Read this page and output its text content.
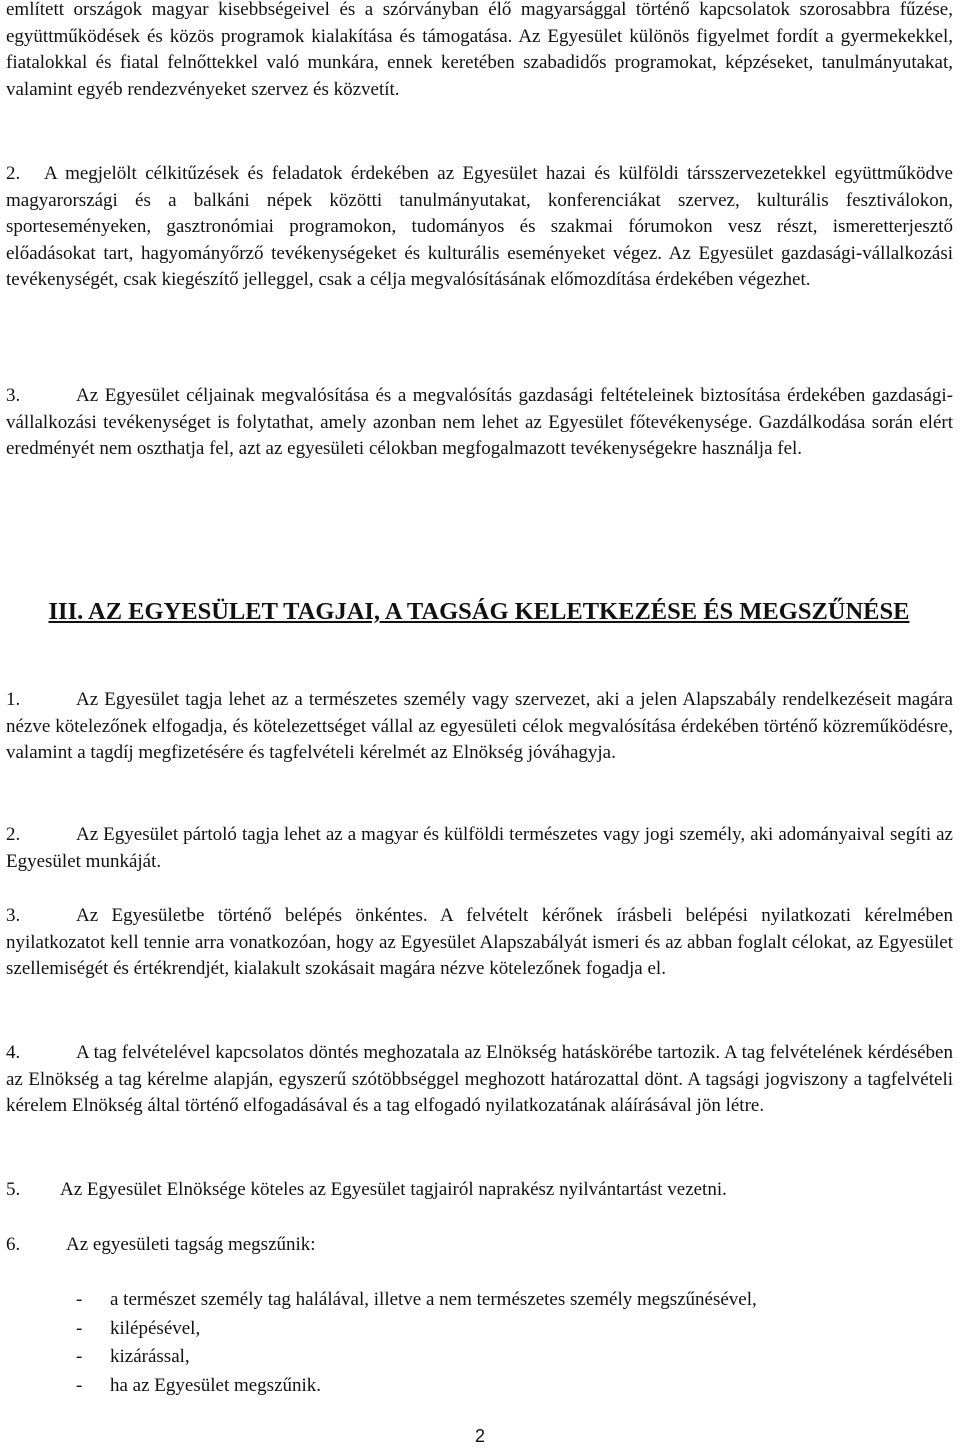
említett országok magyar kisebbségeivel és a szórványban élő magyarsággal történő kapcsolatok szorosabbra fűzése, együttműködések és közös programok kialakítása és támogatása. Az Egyesület különös figyelmet fordít a gyermekekkel, fiatalokkal és fiatal felnőttekkel való munkára, ennek keretében szabadidős programokat, képzéseket, tanulmányutakat, valamint egyéb rendezvényeket szervez és közvetít.

2. A megjelölt célkitűzések és feladatok érdekében az Egyesület hazai és külföldi társszervezetekkel együttműködve magyarországi és a balkáni népek közötti tanulmányutakat, konferenciákat szervez, kulturális fesztiválokon, sporteseményeken, gasztronómiai programokon, tudományos és szakmai fórumokon vesz részt, ismeretterjesztő előadásokat tart, hagyományőrző tevékenységeket és kulturális eseményeket végez. Az Egyesület gazdasági-vállalkozási tevékenységét, csak kiegészítő jelleggel, csak a célja megvalósításának előmozdítása érdekében végezhet.

3.	Az Egyesület céljainak megvalósítása és a megvalósítás gazdasági feltételeinek biztosítása érdekében gazdasági-vállalkozási tevékenységet is folytathat, amely azonban nem lehet az Egyesület főtevékenysége. Gazdálkodása során elért eredményét nem oszthatja fel, azt az egyesületi célokban megfogalmazott tevékenységekre használja fel.

III. AZ EGYESÜLET TAGJAI, A TAGSÁG KELETKEZÉSE ÉS MEGSZŰNÉSE

1.	Az Egyesület tagja lehet az a természetes személy vagy szervezet, aki a jelen Alapszabály rendelkezéseit magára nézve kötelezőnek elfogadja, és kötelezettséget vállal az egyesületi célok megvalósítása érdekében történő közreműködésre, valamint a tagdíj megfizetésére és tagfelvételi kérelmét az Elnökség jóváhagyja.

2.	Az Egyesület pártoló tagja lehet az a magyar és külföldi természetes vagy jogi személy, aki adományaival segíti az Egyesület munkáját.

3.	Az Egyesületbe történő belépés önkéntes. A felvételt kérőnek írásbeli belépési nyilatkozati kérelmében nyilatkozatot kell tennie arra vonatkozóan, hogy az Egyesület Alapszabályát ismeri és az abban foglalt célokat, az Egyesület szellemiségét és értékrendjét, kialakult szokásait magára nézve kötelezőnek fogadja el.

4.	A tag felvételével kapcsolatos döntés meghozatala az Elnökség hatáskörébe tartozik. A tag felvételének kérdésében az Elnökség a tag kérelme alapján, egyszerű szótöbbséggel meghozott határozattal dönt. A tagsági jogviszony a tagfelvételi kérelem Elnökség által történő elfogadásával és a tag elfogadó nyilatkozatának aláírásával jön létre.

5. Az Egyesület Elnöksége köteles az Egyesület tagjairól naprakész nyilvántartást vezetni.

6. Az egyesületi tagság megszűnik:

- a természet személy tag halálával, illetve a nem természetes személy megszűnésével,
- kilépésével,
- kizárással,
- ha az Egyesület megszűnik.
2
